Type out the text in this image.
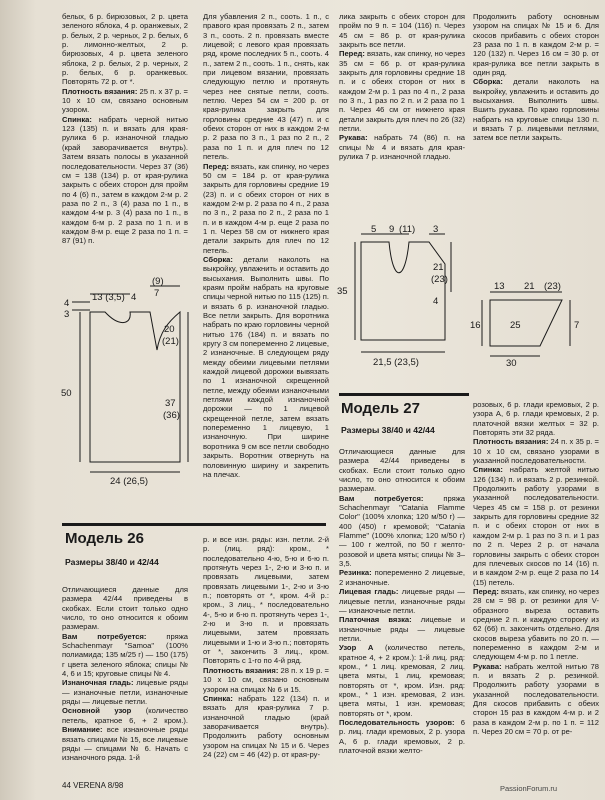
белых, 6 р. бирюзовых, 2 р. цвета зеленого яблока, 4 р. оранжевых, 2 р. белых, 2 р. черных, 2 р. белых, 6 р. лимонно-желтых, 2 р. бирюзовых, 4 р. цвета зеленого яблока, 2 р. белых, 2 р. черных, 2 р. белых, 6 р. оранжевых. Повторять 72 р. от *.

Плотность вязания: 25 п. х 37 р. = 10 х 10 см, связано основным узором.

Спинка: набрать черной нитью 123 (135) п. и вязать для края-рулика 6 р. изнаночной гладью (край заворачивается внутрь). Затем вязать полосы в указанной последовательности. Через 37 (36) см = 138 (134) р. от края-рулика закрыть с обеих сторон для пройм по 4 (6) п., затем в каждом 2-м р. 2 раза по 2 п., 3 (4) раза по 1 п., в каждом 4-м р. 3 (4) раза по 1 п., в каждом 6-м р. 2 раза по 1 п. и в каждом 8-м р. еще 2 раза по 1 п. = 87 (91) п.

Для убавления 2 п., сооть. 1 п., с правого края провязать 2 п., затем 3 п., сооть. 2 п. провязать вместе лицевой; с левого края провязать ряд, кроме последних 5 п., сооть. 4 п., затем 2 п., сооть. 1 п., снять, как при лицевом вязании, провязать следующую петлю и протянуть через нее снятые петли, сооть. петлю. Через 54 см = 200 р. от края-рулика закрыть для горловины средние 43 (47) п. и с обеих сторон от них в каждом 2-м р. 2 раза по 3 п., 1 раз по 2 п., 2 раза по 1 п. и для плеч по 12 петель.

Перед: вязать, как спинку, но через 50 см = 184 р. от края-рулика закрыть для горловины средние 19 (23) п. и с обеих сторон от них в каждом 2-м р. 2 раза по 4 п., 2 раза по 3 п., 2 раза по 2 п., 2 раза по 1 п. и в каждом 4-м р. еще 2 раза по 1 п. Через 58 см от нижнего края детали закрыть для плеч по 12 петель.

Сборка: детали наколоть на выкройку, увлажнить и оставить до высыхания. Выполнить швы. По краям пройм набрать на круговые спицы черной нитью по 115 (125) п. и вязать 6 р. изнаночной гладью. Все петли закрыть. Для воротника набрать по краю горловины черной нитью 176 (184) п. и вязать по кругу 3 см попеременно 2 лицевые, 2 изнаночные. В следующем ряду между обеими лицевыми петлями каждой лицевой дорожки вывязать по 1 изнаночной скрещенной петле, между обеими изнаночными петлями каждой изнаночной дорожки — по 1 лицевой скрещенной петле, затем вязать попеременно 1 лицевую, 1 изнаночную. При ширине воротника 9 см все петли свободно закрыть. Воротник отвернуть на половинную ширину и закрепить на плечах.

лика закрыть с обеих сторон для пройм по 9 п. = 104 (116) п. Через 45 см = 86 р. от края-рулика закрыть все петли.

Перед: вязать, как спинку, но через 35 см = 66 р. от края-рулика закрыть для горловины средние 18 п. и с обеих сторон от них в каждом 2-м р. 1 раз по 4 п., 2 раза по 3 п., 1 раз по 2 п. и 2 раза по 1 п. Через 46 см от нижнего края детали закрыть для плеч по 26 (32) петли.

Рукава: набрать 74 (86) п. на спицы № 4 и вязать для края-рулика 7 р. изнаночной гладью.

Продолжить работу основным узором на спицах № 15 и 6. Для скосов прибавить с обеих сторон 23 раза по 1 п. в каждом 2-м р. = 120 (132) п. Через 16 см = 30 р. от края-рулика все петли закрыть в один ряд.

Сборка: детали наколоть на выкройку, увлажнить и оставить до высыхания. Выполнить швы. Вшить рукава. По краю горловины набрать на круговые спицы 130 п. и вязать 7 р. лицевыми петлями, затем все петли закрыть.

13 (3,5) 4
(9)
7
4
3
20
(21)
50
37
(36)
24 (26,5)
5 9 (11) 3
21
(23)
35
4
21,5 (23,5)
13 21 (23)
16	7
25
30
Модель 26
Размеры 38/40 и 42/44

Отличающиеся данные для размера 42/44 приведены в скобках. Если стоит только одно число, то оно относится к обоим размерам.

Вам потребуется: пряжа Schachenmayr "Samoa" (100% полиамида; 135 м/25 г) — 150 (175) г цвета зеленого яблока; спицы № 4, 6 и 15; круговые спицы № 4.

Изнаночная гладь: лицевые ряды — изнаночные петли, изнаночные ряды — лицевые петли.

Основной узор (количество петель, кратное 6, + 2 кром.). Внимание: все изнаночные ряды вязать спицами № 15, все лицевые ряды — спицами № 6. Начать с изнаночного ряда. 1-й

р. и все изн. ряды: изн. петли. 2-й р. (лиц. ряд): кром., * последовательно 4-ю, 5-ю и 6-ю п. протянуть через 1-, 2-ю и 3-ю п. и провязать лицевыми, затем провязать лицевыми 1-, 2-ю и 3-ю п.; повторять от *, кром. 4-й р.: кром., 3 лиц., * последовательно 4-, 5-ю и 6-ю п. протянуть через 1-, 2-ю и 3-ю п. и провязать лицевыми, затем провязать лицевыми и 1-ю и 3-ю п.; повторять от *, закончить 3 лиц., кром. Повторять с 1-го по 4-й ряд.

Плотность вязания: 28 п. х 19 р. = 10 х 10 см, связано основным узором на спицах № 6 и 15.

Спинка: набрать 122 (134) п. и вязать для края-рулика 7 р. изнаночной гладью (край заворачивается внутрь). Продолжить работу основным узором на спицах № 15 и 6. Через 24 (22) см = 46 (42) р. от края-ру-

Модель 27
Размеры 38/40 и 42/44

Отличающиеся данные для размера 42/44 приведены в скобках. Если стоит только одно число, то оно относится к обоим размерам.

Вам потребуется: пряжа Schachenmayr "Catania Flamme Color" (100% хлопка; 120 м/50 г) — 400 (450) г кремовой; "Catania Flamme" (100% хлопка; 120 м/50 г) — 100 г желтой, по 50 г желто-розовой и цвета мяты; спицы № 3–3,5.

Резинка: попеременно 2 лицевые, 2 изнаночные.

Лицевая гладь: лицевые ряды — лицевые петли, изнаночные ряды — изнаночные петли.

Платочная вязка: лицевые и изнаночные ряды — лицевые петли.

Узор А (количество петель, кратное 4, + 2 кром.): 1-й лиц. ряд: кром., * 1 лиц. кремовая, 2 лиц. цвета мяты, 1 лиц. кремовая; повторять от *, кром. Изн. ряд: кром., * 1 изн. кремовая, 2 изн. цвета мяты, 1 изн. кремовая; повторять от *, кром.

Последовательность узоров: 6 р. лиц. глади кремовых, 2 р. узора А, 6 р. глади кремовых, 2 р. платочной вязки желто-

розовых, 6 р. глади кремовых, 2 р. узора А, 6 р. глади кремовых, 2 р. платочной вязки желтых = 32 р. Повторять эти 32 ряда.

Плотность вязания: 24 п. х 35 р. = 10 х 10 см, связано узорами в указанной последовательности.

Спинка: набрать желтой нитью 126 (134) п. и вязать 2 р. резинкой. Продолжить работу узорами в указанной последовательности. Через 45 см = 158 р. от резинки закрыть для горловины средние 32 п. и с обеих сторон от них в каждом 2-м р. 1 раз по 3 п. и 1 раз по 2 п. Через 2 р. от начала горловины закрыть с обеих сторон для плечевых скосов по 14 (16) п. и в каждом 2-м р. еще 2 раза по 14 (15) петель.

Перед: вязать, как спинку, но через 28 см = 98 р. от резинки для V-образного выреза оставить средние 2 п. и каждую сторону из 62 (66) п. закончить отдельно. Для скосов выреза убавить по 20 п. — попеременно в каждом 2-м и следующем 4-м р. по 1 петле.

Рукава: набрать желтой нитью 78 п. и вязать 2 р. резинкой. Продолжить работу узорами в указанной последовательности. Для скосов прибавить с обеих сторон 15 раз в каждом 4-м р. и 2 раза в каждом 2-м р. по 1 п. = 112 п. Через 20 см = 70 р. от ре-

44 VERENA 8/98	PassionForum.ru
